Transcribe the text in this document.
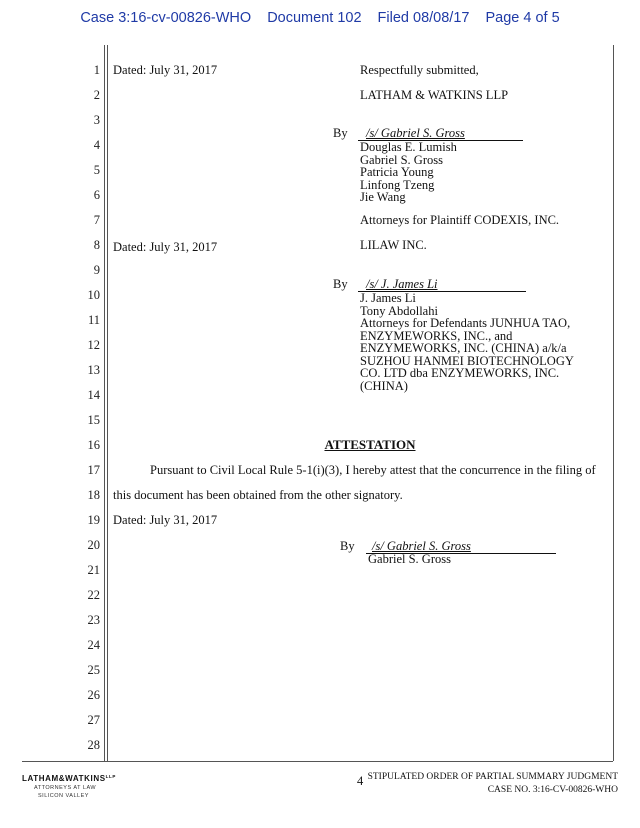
Case 3:16-cv-00826-WHO Document 102 Filed 08/08/17 Page 4 of 5
1
2
3
4
5
6
7
8
9
10
11
12
13
14
15
16
17
18
19
20
21
22
23
24
25
26
27
28
Dated: July 31, 2017	Respectfully submitted,
LATHAM & WATKINS LLP
By /s/ Gabriel S. Gross
Douglas E. Lumish
Gabriel S. Gross
Patricia Young
Linfong Tzeng
Jie Wang
Attorneys for Plaintiff CODEXIS, INC.
Dated: July 31, 2017	LILAW INC.
By /s/ J. James Li
J. James Li
Tony Abdollahi
Attorneys for Defendants JUNHUA TAO,
ENZYMEWORKS, INC., and
ENZYMEWORKS, INC. (CHINA) a/k/a
SUZHOU HANMEI BIOTECHNOLOGY
CO. LTD dba ENZYMEWORKS, INC.
(CHINA)
ATTESTATION
Pursuant to Civil Local Rule 5-1(i)(3), I hereby attest that the concurrence in the filing of
this document has been obtained from the other signatory.
Dated: July 31, 2017
By /s/ Gabriel S. Gross
Gabriel S. Gross
$LATHAM\&WATKINS^{LLP}$
ATTORNEYS AT LAW
SILICON VALLEY
4 STIPULATED ORDER OF PARTIAL SUMMARY JUDGMENT
CASE NO. 3:16-CV-00826-WHO
